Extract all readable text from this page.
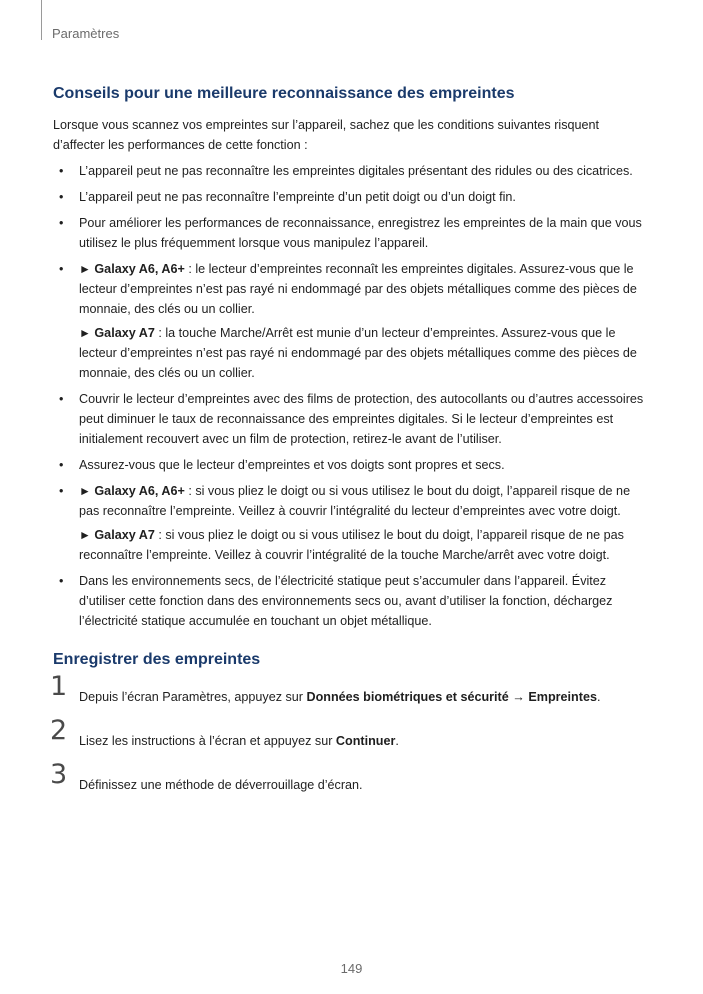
Paramètres
Conseils pour une meilleure reconnaissance des empreintes

Lorsque vous scannez vos empreintes sur l’appareil, sachez que les conditions suivantes risquent d’affecter les performances de cette fonction :

• L’appareil peut ne pas reconnaître les empreintes digitales présentant des ridules ou des cicatrices.
• L’appareil peut ne pas reconnaître l’empreinte d’un petit doigt ou d’un doigt fin.
• Pour améliorer les performances de reconnaissance, enregistrez les empreintes de la main que vous utilisez le plus fréquemment lorsque vous manipulez l’appareil.
• ► Galaxy A6, A6+ : le lecteur d’empreintes reconnaît les empreintes digitales. Assurez-vous que le lecteur d’empreintes n’est pas rayé ni endommagé par des objets métalliques comme des pièces de monnaie, des clés ou un collier.
► Galaxy A7 : la touche Marche/Arrêt est munie d’un lecteur d’empreintes. Assurez-vous que le lecteur d’empreintes n’est pas rayé ni endommagé par des objets métalliques comme des pièces de monnaie, des clés ou un collier.
• Couvrir le lecteur d’empreintes avec des films de protection, des autocollants ou d’autres accessoires peut diminuer le taux de reconnaissance des empreintes digitales. Si le lecteur d’empreintes est initialement recouvert avec un film de protection, retirez-le avant de l’utiliser.
• Assurez-vous que le lecteur d’empreintes et vos doigts sont propres et secs.
• ► Galaxy A6, A6+ : si vous pliez le doigt ou si vous utilisez le bout du doigt, l’appareil risque de ne pas reconnaître l’empreinte. Veillez à couvrir l’intégralité du lecteur d’empreintes avec votre doigt.
► Galaxy A7 : si vous pliez le doigt ou si vous utilisez le bout du doigt, l’appareil risque de ne pas reconnaître l’empreinte. Veillez à couvrir l’intégralité de la touche Marche/arrêt avec votre doigt.
• Dans les environnements secs, de l’électricité statique peut s’accumuler dans l’appareil. Évitez d’utiliser cette fonction dans des environnements secs ou, avant d’utiliser la fonction, déchargez l’électricité statique accumulée en touchant un objet métallique.
Enregistrer des empreintes
1 Depuis l’écran Paramètres, appuyez sur Données biométriques et sécurité → Empreintes.
2 Lisez les instructions à l’écran et appuyez sur Continuer.
3 Définissez une méthode de déverrouillage d’écran.
149
